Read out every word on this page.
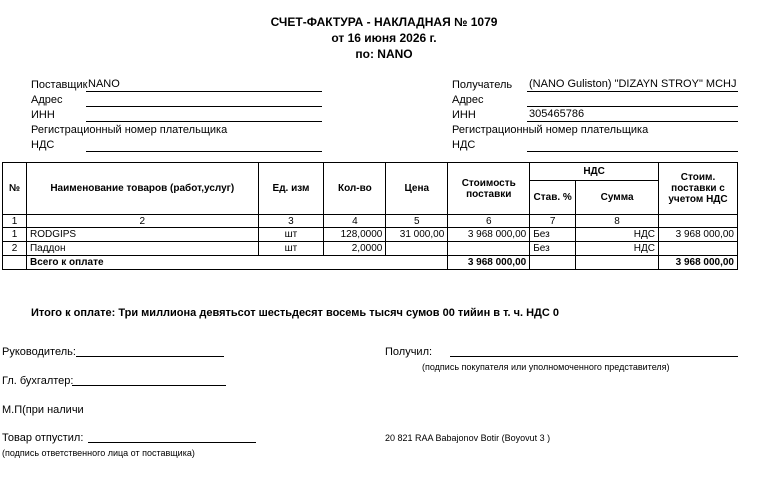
СЧЕТ-ФАКТУРА - НАКЛАДНАЯ № 1079
от 16 июня 2026 г.
по: NANO
Поставщик NANO
Адрес
ИНН
Регистрационный номер плательщика
НДС
Получатель (NANO Guliston) "DIZAYN STROY" MCHJ
Адрес
ИНН	305465786
Регистрационный номер плательщика
НДС
№	Наименование товаров (работ,услуг)	Ед. изм	Кол-во	Цена	Стоимость поставки	НДС		Стоим. поставки с учетом НДС
						Став. %	Сумма	
1	2	3	4	5	6	7	8	
1	RODGIPS	шт	128,0000	31 000,00	3 968 000,00	Без	НДС	3 968 000,00
2	Паддон	шт	2,0000			Без	НДС	
	Всего к оплате				3 968 000,00			3 968 000,00
Итого к оплате: Три миллиона девятьсот шестьдесят восемь тысяч сумов 00 тийин в т. ч. НДС 0
Руководитель:	Получил:
(подпись покупателя или уполномоченного представителя)
Гл. бухгалтер:
М.П(при наличи
Товар отпустил:
(подпись ответственного лица от поставщика)
20 821 RAA Babajonov Botir (Boyovut 3 )
